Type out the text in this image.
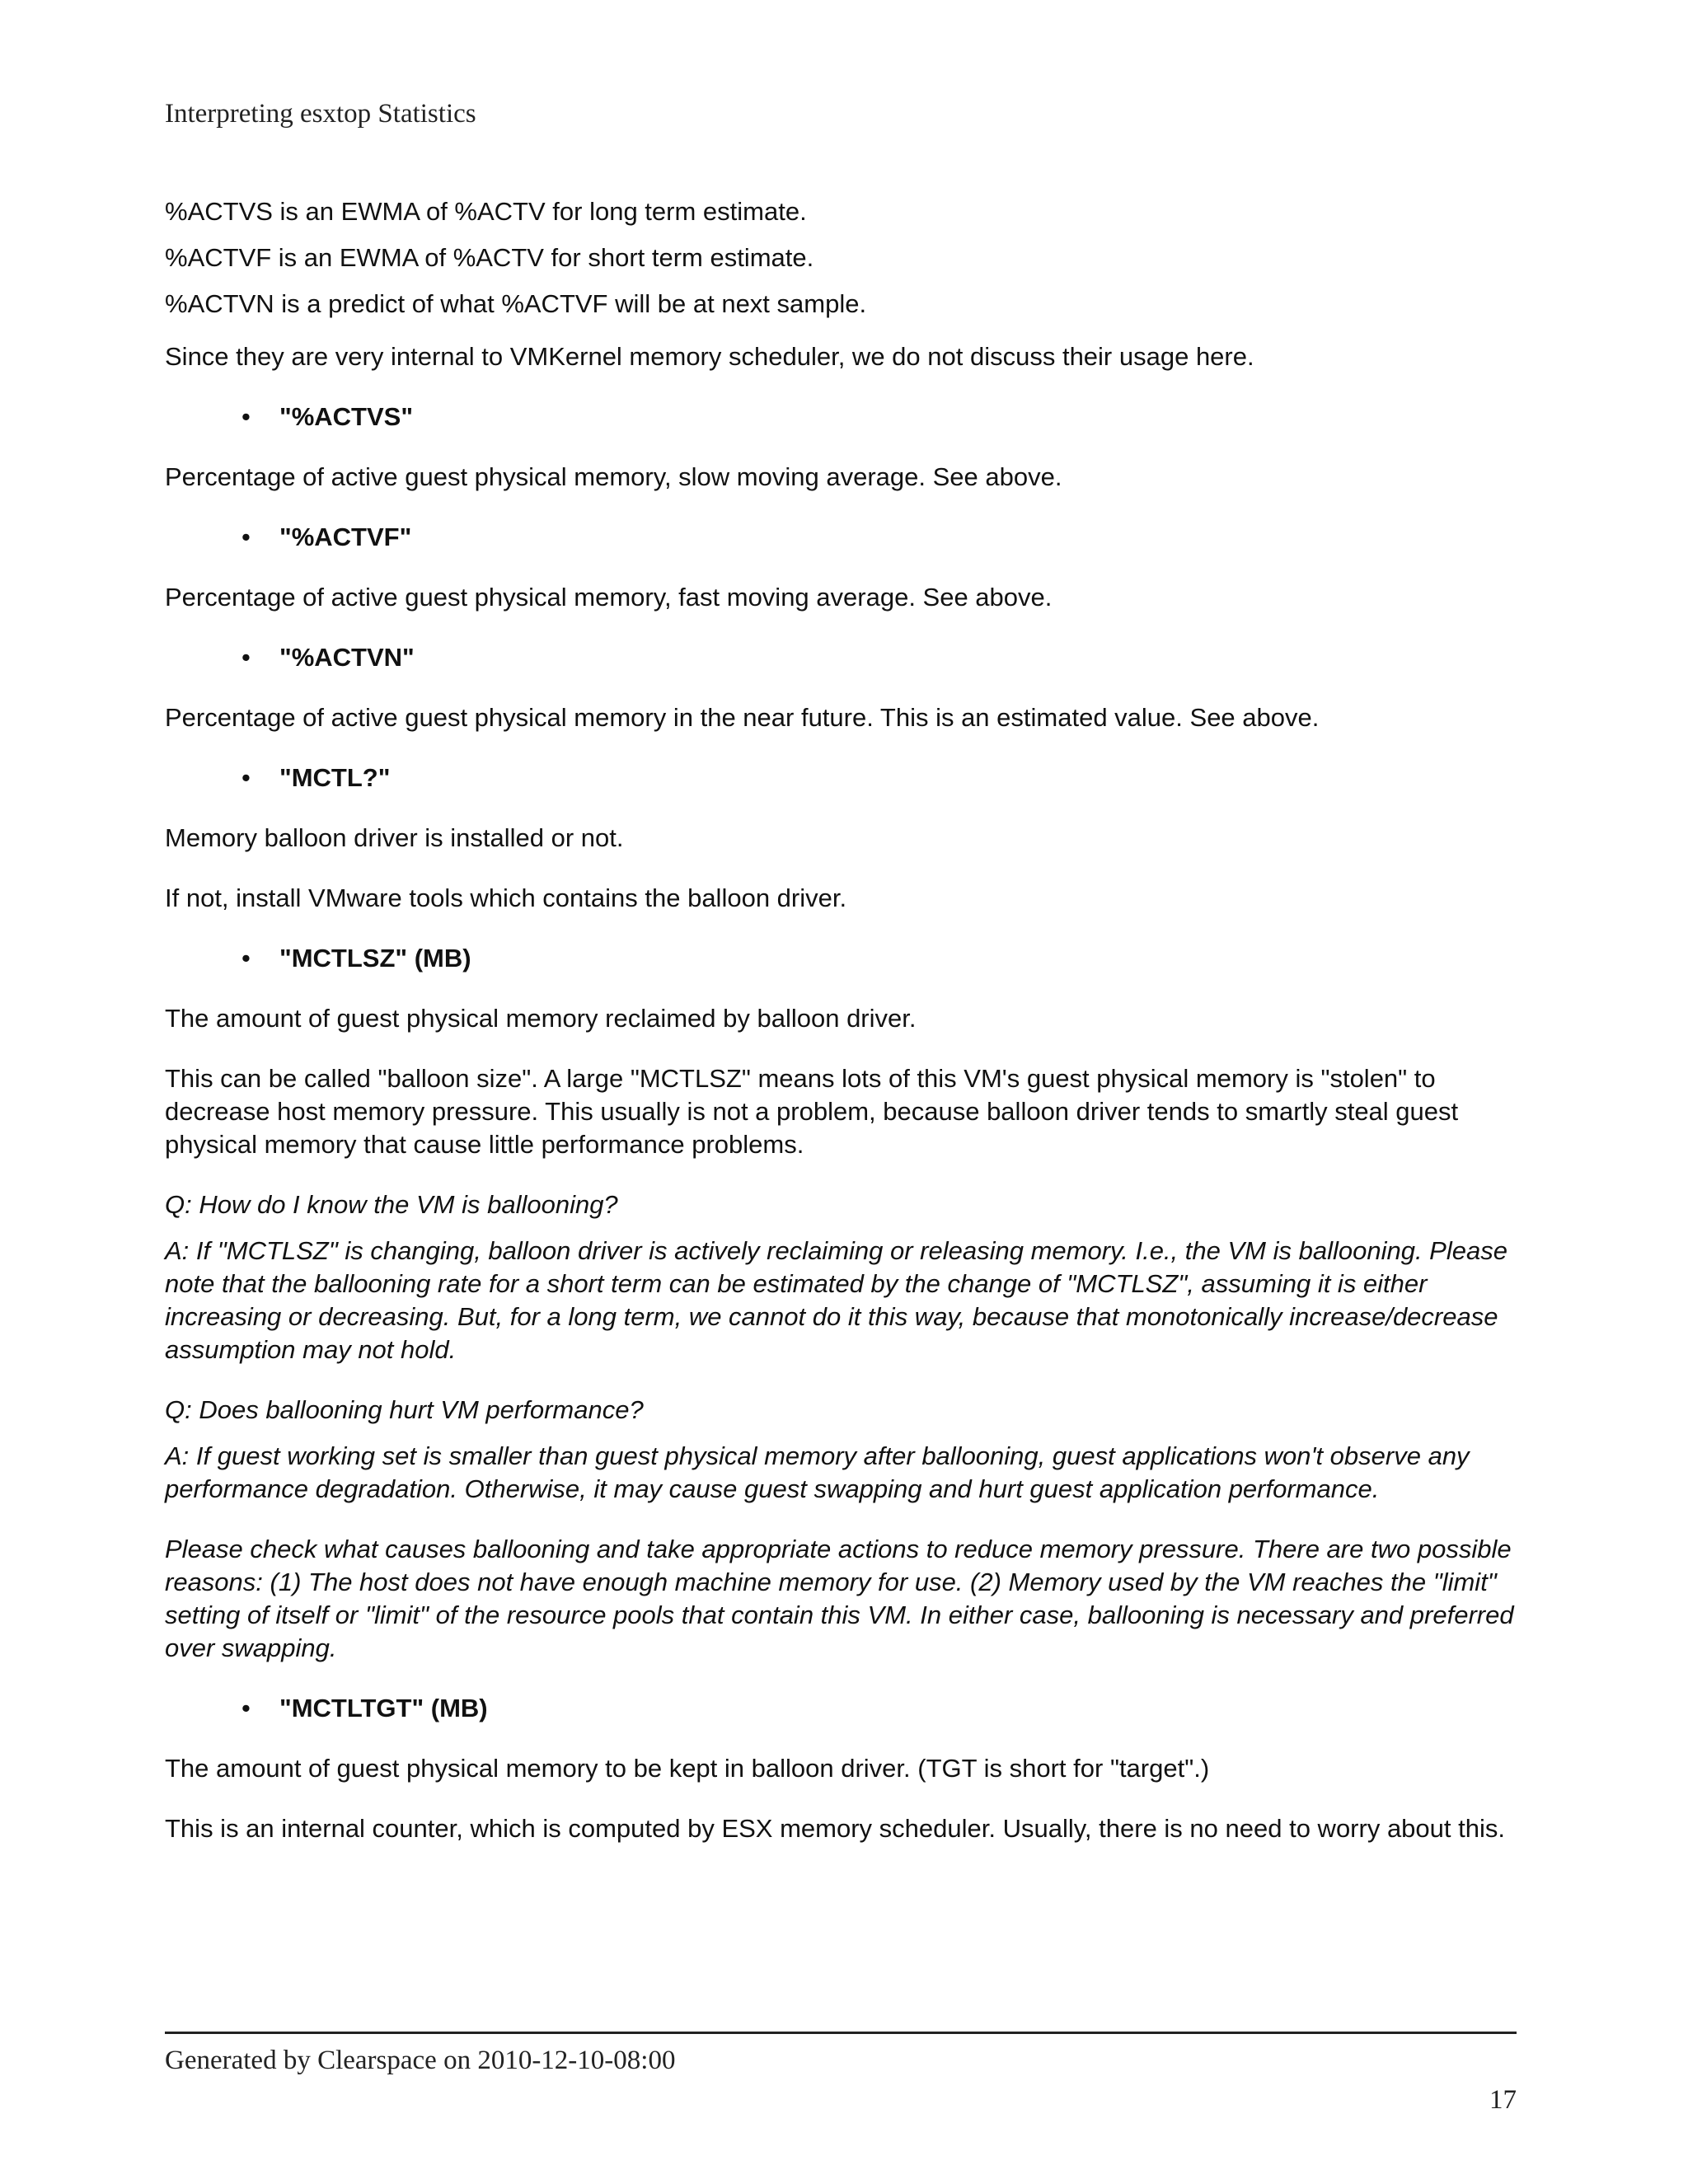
Interpreting esxtop Statistics

%ACTVS is an EWMA of %ACTV for long term estimate.

%ACTVF is an EWMA of %ACTV for short term estimate.

%ACTVN is a predict of what %ACTVF will be at next sample.

Since they are very internal to VMKernel memory scheduler, we do not discuss their usage here.

• "%ACTVS"

Percentage of active guest physical memory, slow moving average. See above.

• "%ACTVF"

Percentage of active guest physical memory, fast moving average. See above.

• "%ACTVN"

Percentage of active guest physical memory in the near future. This is an estimated value. See above.

• "MCTL?"

Memory balloon driver is installed or not.

If not, install VMware tools which contains the balloon driver.

• "MCTLSZ" (MB)

The amount of guest physical memory reclaimed by balloon driver.

This can be called "balloon size". A large "MCTLSZ" means lots of this VM's guest physical memory is "stolen" to decrease host memory pressure. This usually is not a problem, because balloon driver tends to smartly steal guest physical memory that cause little performance problems.

Q: How do I know the VM is ballooning?

A: If "MCTLSZ" is changing, balloon driver is actively reclaiming or releasing memory. I.e., the VM is ballooning. Please note that the ballooning rate for a short term can be estimated by the change of "MCTLSZ", assuming it is either increasing or decreasing. But, for a long term, we cannot do it this way, because that monotonically increase/decrease assumption may not hold.

Q: Does ballooning hurt VM performance?

A: If guest working set is smaller than guest physical memory after ballooning, guest applications won't observe any performance degradation. Otherwise, it may cause guest swapping and hurt guest application performance.

Please check what causes ballooning and take appropriate actions to reduce memory pressure. There are two possible reasons: (1) The host does not have enough machine memory for use. (2) Memory used by the VM reaches the "limit" setting of itself or "limit" of the resource pools that contain this VM. In either case, ballooning is necessary and preferred over swapping.

• "MCTLTGT" (MB)

The amount of guest physical memory to be kept in balloon driver. (TGT is short for "target".)

This is an internal counter, which is computed by ESX memory scheduler. Usually, there is no need to worry about this.

Generated by Clearspace on 2010-12-10-08:00
17
